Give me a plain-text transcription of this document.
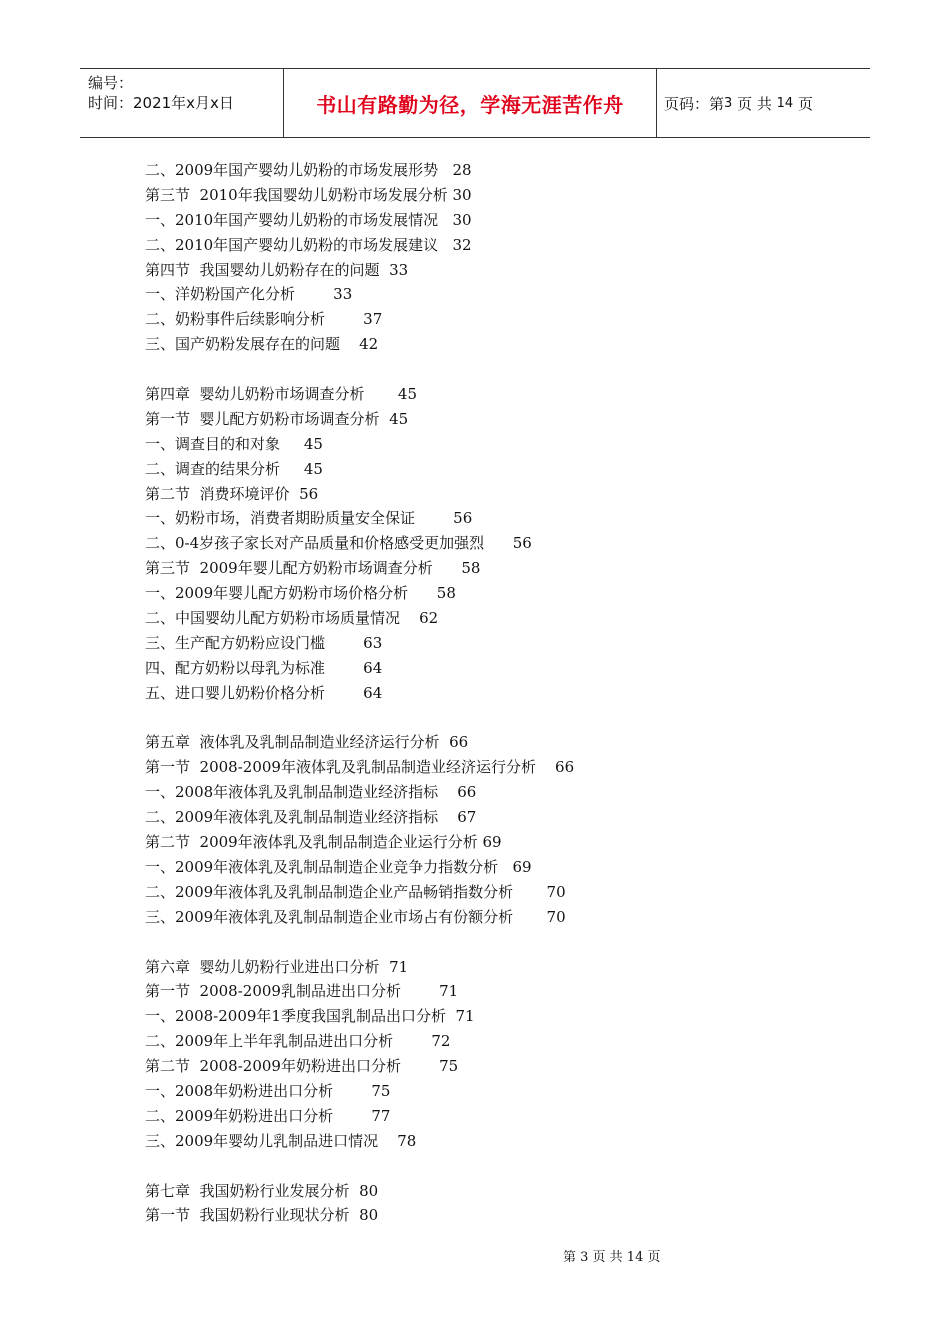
编号：
时间：2021年x月x日	书山有路勤为径，学海无涯苦作舟	页码：第 3
页 共
14
页
二、2009年国产婴幼儿奶粉的市场发展形势   28
第三节  2010年我国婴幼儿奶粉市场发展分析 30
一、2010年国产婴幼儿奶粉的市场发展情况   30
二、2010年国产婴幼儿奶粉的市场发展建议   32
第四节  我国婴幼儿奶粉存在的问题  33
一、洋奶粉国产化分析        33
二、奶粉事件后续影响分析        37
三、国产奶粉发展存在的问题    42
第四章  婴幼儿奶粉市场调查分析       45
第一节  婴儿配方奶粉市场调查分析  45
一、调查目的和对象     45
二、调查的结果分析     45
第二节  消费环境评价  56
一、奶粉市场，消费者期盼质量安全保证        56
二、0-4岁孩子家长对产品质量和价格感受更加强烈      56
第三节  2009年婴儿配方奶粉市场调查分析      58
一、2009年婴儿配方奶粉市场价格分析      58
二、中国婴幼儿配方奶粉市场质量情况    62
三、生产配方奶粉应设门槛        63
四、配方奶粉以母乳为标准        64
五、进口婴儿奶粉价格分析        64
第五章  液体乳及乳制品制造业经济运行分析  66
第一节  2008-2009年液体乳及乳制品制造业经济运行分析    66
一、2008年液体乳及乳制品制造业经济指标    66
二、2009年液体乳及乳制品制造业经济指标    67
第二节  2009年液体乳及乳制品制造企业运行分析 69
一、2009年液体乳及乳制品制造企业竞争力指数分析   69
二、2009年液体乳及乳制品制造企业产品畅销指数分析       70
三、2009年液体乳及乳制品制造企业市场占有份额分析       70
第六章  婴幼儿奶粉行业进出口分析  71
第一节  2008-2009乳制品进出口分析        71
一、2008-2009年1季度我国乳制品出口分析  71
二、2009年上半年乳制品进出口分析        72
第二节  2008-2009年奶粉进出口分析        75
一、2008年奶粉进出口分析        75
二、2009年奶粉进出口分析        77
三、2009年婴幼儿乳制品进口情况    78
第七章  我国奶粉行业发展分析  80
第一节  我国奶粉行业现状分析  80
第 3 页 共 14 页
